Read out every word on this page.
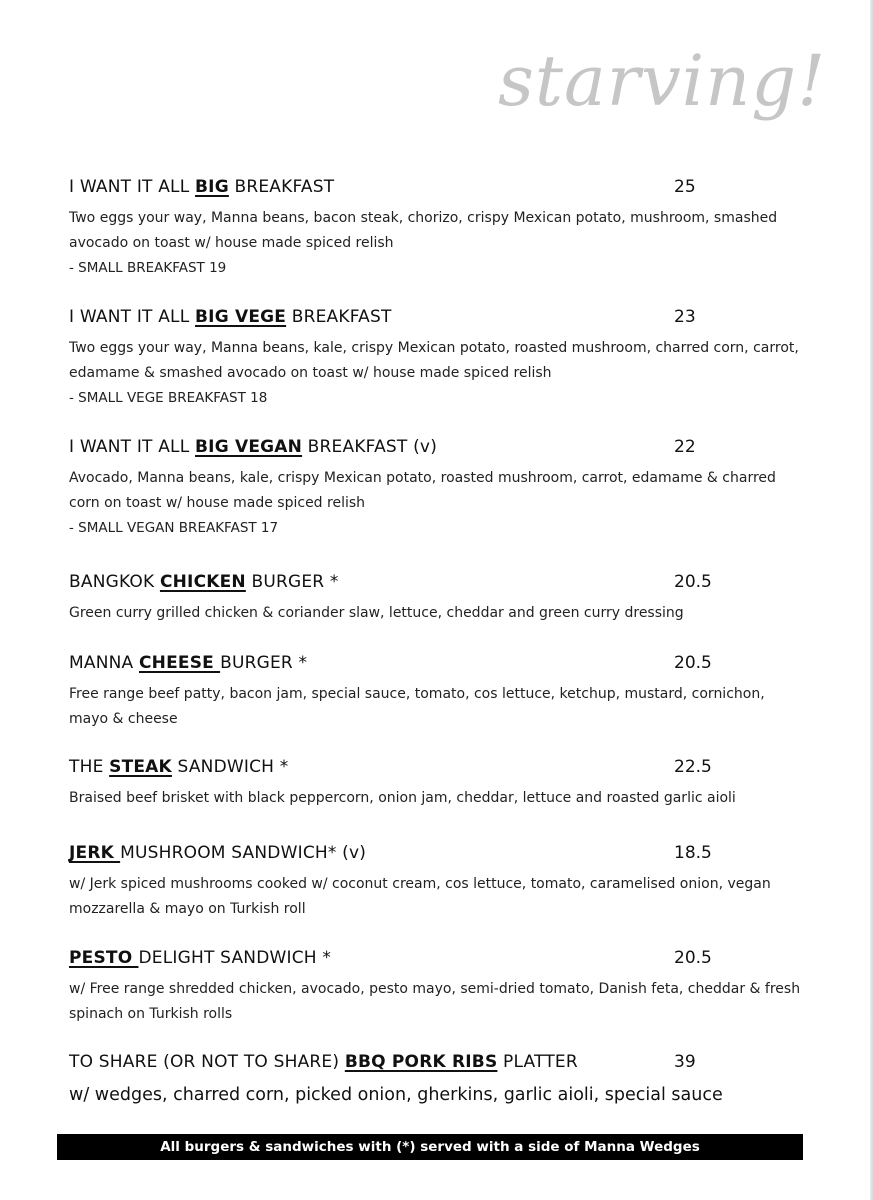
starving!
I WANT IT ALL BIG BREAKFAST	25
Two eggs your way, Manna beans, bacon steak, chorizo, crispy Mexican potato, mushroom, smashed avocado on toast w/ house made spiced relish
- SMALL BREAKFAST 19
I WANT IT ALL BIG VEGE BREAKFAST	23
Two eggs your way, Manna beans, kale, crispy Mexican potato, roasted mushroom, charred corn, carrot, edamame & smashed avocado on toast w/ house made spiced relish
- SMALL VEGE BREAKFAST 18
I WANT IT ALL BIG VEGAN BREAKFAST (v)	22
Avocado, Manna beans, kale, crispy Mexican potato, roasted mushroom, carrot, edamame & charred corn on toast w/ house made spiced relish
- SMALL VEGAN BREAKFAST 17
BANGKOK CHICKEN BURGER *	20.5
Green curry grilled chicken & coriander slaw, lettuce, cheddar and green curry dressing
MANNA CHEESE BURGER *	20.5
Free range beef patty, bacon jam, special sauce, tomato, cos lettuce, ketchup, mustard, cornichon, mayo & cheese
THE STEAK SANDWICH *	22.5
Braised beef brisket with black peppercorn, onion jam, cheddar, lettuce and roasted garlic aioli
JERK MUSHROOM SANDWICH* (v)	18.5
w/ Jerk spiced mushrooms cooked w/ coconut cream, cos lettuce, tomato, caramelised onion, vegan mozzarella & mayo on Turkish roll
PESTO DELIGHT SANDWICH *	20.5
w/ Free range shredded chicken, avocado, pesto mayo, semi-dried tomato, Danish feta, cheddar & fresh spinach on Turkish rolls
TO SHARE (OR NOT TO SHARE) BBQ PORK RIBS PLATTER	39
w/ wedges, charred corn, picked onion, gherkins, garlic aioli, special sauce
All burgers & sandwiches with (*) served with a side of Manna Wedges
